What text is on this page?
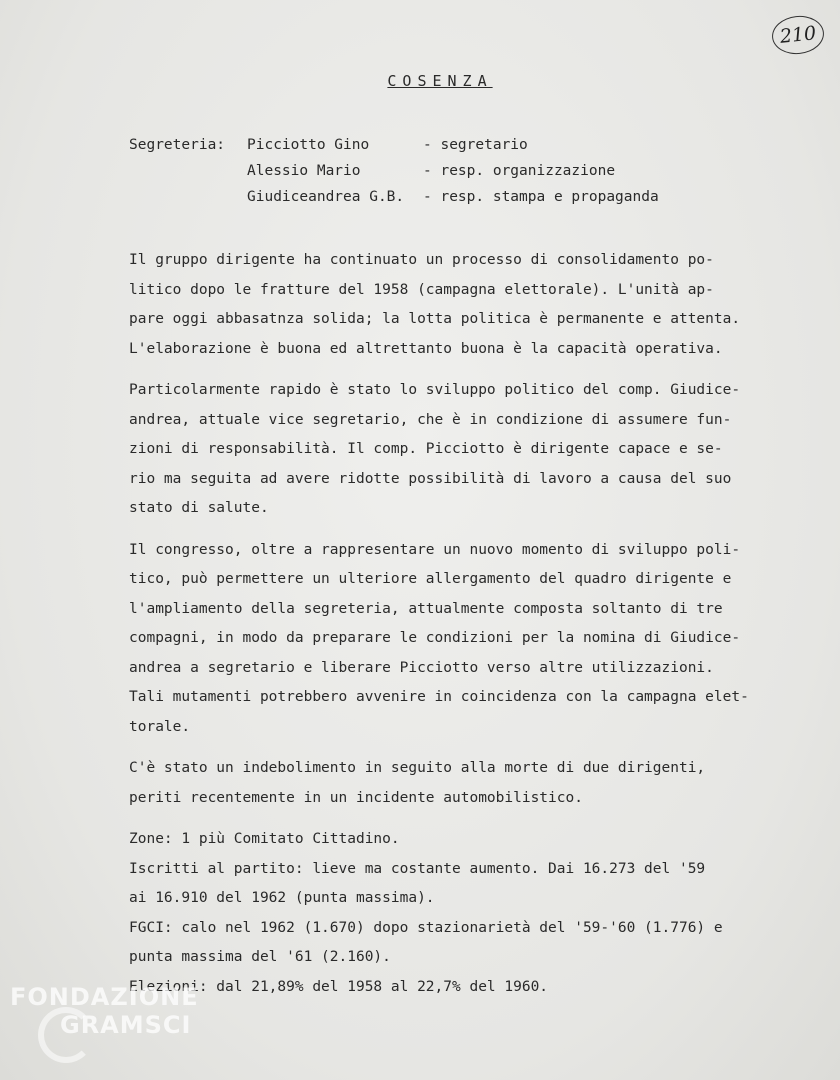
210
COSENZA
Segreteria: Picciotto Gino	- segretario
Alessio Mario	- resp. organizzazione
Giudiceandrea G.B. - resp. stampa e propaganda

Il gruppo dirigente ha continuato un processo di consolidamento po-
litico dopo le fratture del 1958 (campagna elettorale). L'unità ap-
pare oggi abbasatnza solida; la lotta politica è permanente e attenta.
L'elaborazione è buona ed altrettanto buona è la capacità operativa.

Particolarmente rapido è stato lo sviluppo politico del comp. Giudice-
andrea, attuale vice segretario, che è in condizione di assumere fun-
zioni di responsabilità. Il comp. Picciotto è dirigente capace e se-
rio ma seguita ad avere ridotte possibilità di lavoro a causa del suo
stato di salute.

Il congresso, oltre a rappresentare un nuovo momento di sviluppo poli-
tico, può permettere un ulteriore allergamento del quadro dirigente e
l'ampliamento della segreteria, attualmente composta soltanto di tre
compagni, in modo da preparare le condizioni per la nomina di Giudice-
andrea a segretario e liberare Picciotto verso altre utilizzazioni.
Tali mutamenti potrebbero avvenire in coincidenza con la campagna elet-
torale.

C'è stato un indebolimento in seguito alla morte di due dirigenti,
periti recentemente in un incidente automobilistico.

Zone: 1 più Comitato Cittadino.

Iscritti al partito: lieve ma costante aumento. Dai 16.273 del '59
ai 16.910 del 1962 (punta massima).

FGCI: calo nel 1962 (1.670) dopo stazionarietà del '59-'60 (1.776) e
punta massima del '61 (2.160).

Elezioni: dal 21,89% del 1958 al 22,7% del 1960.

FONDAZIONE
GRAMSCI
